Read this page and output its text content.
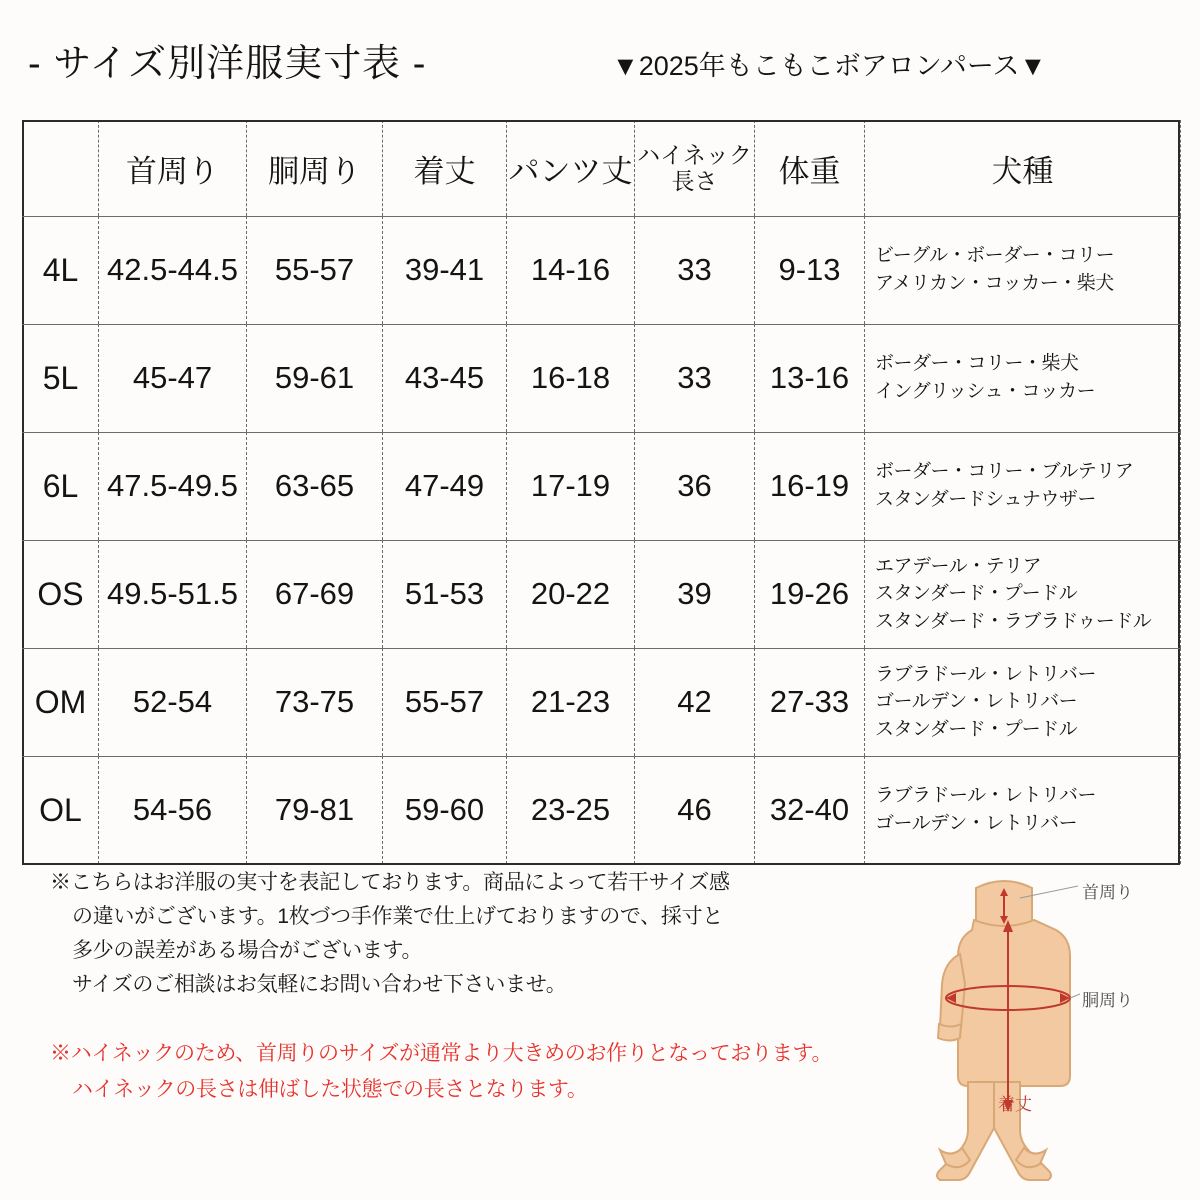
- サイズ別洋服実寸表 -	▼2025年もこもこボアロンパース▼
	首周り	胴周り	着丈	パンツ丈	ハイネック
長さ	体重	犬種
4L	42.5-44.5	55-57	39-41	14-16	33	9-13	ビーグル・ボーダー・コリー
アメリカン・コッカー・柴犬

5L	45-47	59-61	43-45	16-18	33	13-16	ボーダー・コリー・柴犬
イングリッシュ・コッカー

6L	47.5-49.5	63-65	47-49	17-19	36	16-19	ボーダー・コリー・ブルテリア
スタンダードシュナウザー

OS	49.5-51.5	67-69	51-53	20-22	39	19-26	エアデール・テリア
スタンダード・プードル
スタンダード・ラブラドゥードル

OM	52-54	73-75	55-57	21-23	42	27-33	ラブラドール・レトリバー
ゴールデン・レトリバー
スタンダード・プードル

OL	54-56	79-81	59-60	23-25	46	32-40	ラブラドール・レトリバー
ゴールデン・レトリバー
※こちらはお洋服の実寸を表記しております。商品によって若干サイズ感
の違いがございます。1枚づつ手作業で仕上げておりますので、採寸と
多少の誤差がある場合がございます。
サイズのご相談はお気軽にお問い合わせ下さいませ。
※ハイネックのため、首周りのサイズが通常より大きめのお作りとなっております。
ハイネックの長さは伸ばした状態での長さとなります。
首周り
胴周り
着丈
